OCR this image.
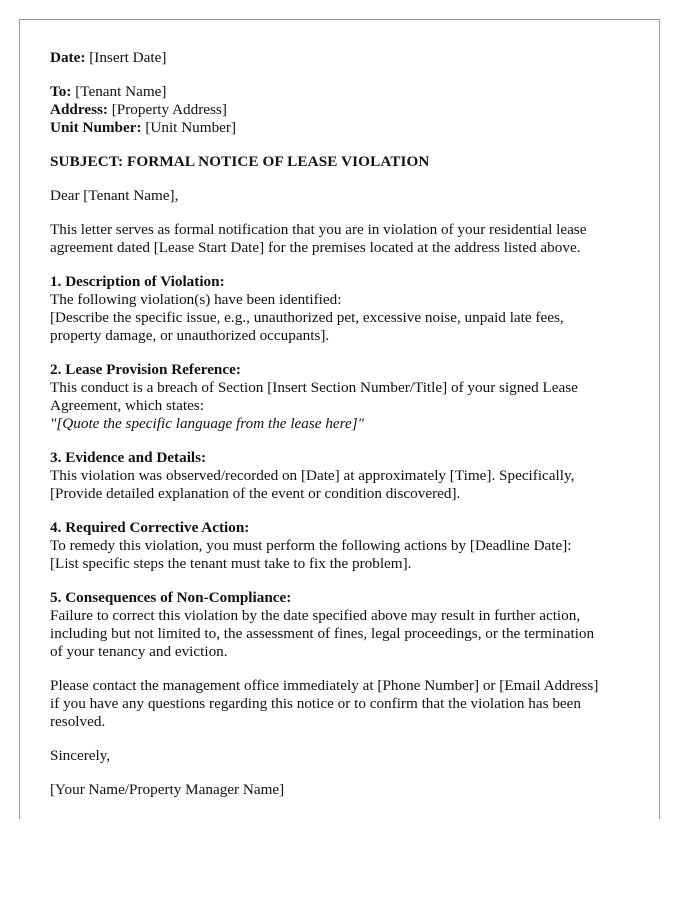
Date: [Insert Date]
To: [Tenant Name]
Address: [Property Address]
Unit Number: [Unit Number]
SUBJECT: FORMAL NOTICE OF LEASE VIOLATION
Dear [Tenant Name],
This letter serves as formal notification that you are in violation of your residential lease
agreement dated [Lease Start Date] for the premises located at the address listed above.
1. Description of Violation:
The following violation(s) have been identified:
[Describe the specific issue, e.g., unauthorized pet, excessive noise, unpaid late fees,
property damage, or unauthorized occupants].
2. Lease Provision Reference:
This conduct is a breach of Section [Insert Section Number/Title] of your signed Lease
Agreement, which states:
"[Quote the specific language from the lease here]"
3. Evidence and Details:
This violation was observed/recorded on [Date] at approximately [Time]. Specifically,
[Provide detailed explanation of the event or condition discovered].
4. Required Corrective Action:
To remedy this violation, you must perform the following actions by [Deadline Date]:
[List specific steps the tenant must take to fix the problem].
5. Consequences of Non-Compliance:
Failure to correct this violation by the date specified above may result in further action,
including but not limited to, the assessment of fines, legal proceedings, or the termination
of your tenancy and eviction.
Please contact the management office immediately at [Phone Number] or [Email Address]
if you have any questions regarding this notice or to confirm that the violation has been
resolved.
Sincerely,
[Your Name/Property Manager Name]
